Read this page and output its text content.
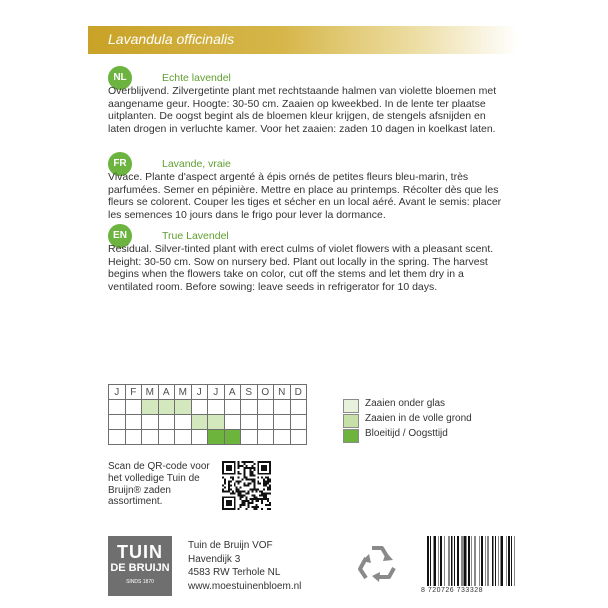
Lavandula officinalis
NL	Echte lavendel
Overblijvend. Zilvergetinte plant met rechtstaande halmen van violette bloemen met aangename geur. Hoogte: 30-50 cm. Zaaien op kweekbed. In de lente ter plaatse uitplanten. De oogst begint als de bloemen kleur krijgen, de stengels afsnijden en laten drogen in verluchte kamer. Voor het zaaien: zaden 10 dagen in koelkast laten.
FR	Lavande, vraie
Vivace. Plante d'aspect argenté à épis ornés de petites fleurs bleu-marin, très parfumées. Semer en pépinière. Mettre en place au printemps. Récolter dès que les fleurs se colorent. Couper les tiges et sécher en un local aéré. Avant le semis: placer les semences 10 jours dans le frigo pour lever la dormance.
EN	True Lavendel
Residual. Silver-tinted plant with erect culms of violet flowers with a pleasant scent. Height: 30-50 cm. Sow on nursery bed. Plant out locally in the spring. The harvest begins when the flowers take on color, cut off the stems and let them dry in a ventilated room. Before sowing: leave seeds in refrigerator for 10 days.
J	F	M	A	M	J	J	A	S	O	N	D

Zaaien onder glas
Zaaien in de volle grond
Bloeitijd / Oogsttijd
Scan de QR-code voor het volledige Tuin de Bruijn® zaden assortiment.
TUIN
DE BRUIJN
SINDS 1870
Tuin de Bruijn VOF
Havendijk 3
4583 RW Terhole NL
www.moestuinenbloem.nl	8 720726 733328
